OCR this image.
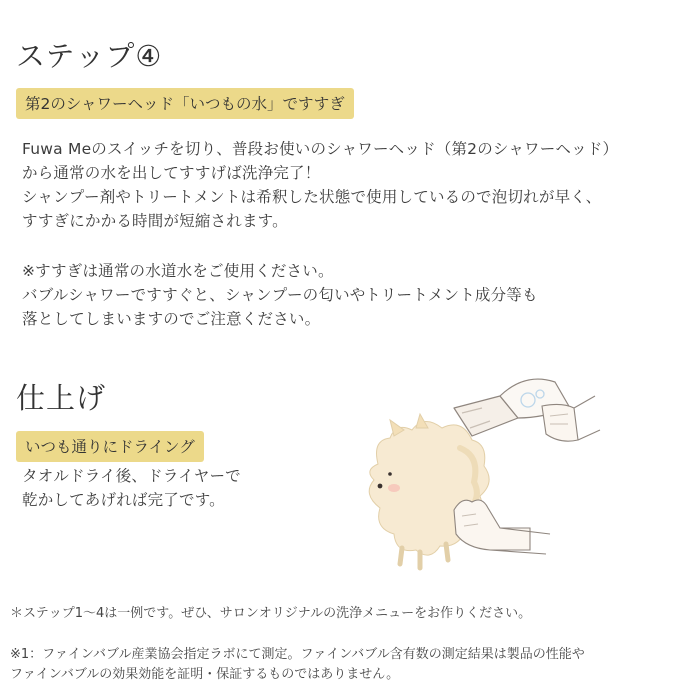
ステップ④
第2のシャワーヘッド「いつもの水」ですすぎ
Fuwa Meのスイッチを切り、普段お使いのシャワーヘッド（第2のシャワーヘッド）
から通常の水を出してすすげば洗浄完了！
シャンプー剤やトリートメントは希釈した状態で使用しているので泡切れが早く、
すすぎにかかる時間が短縮されます。
※すすぎは通常の水道水をご使用ください。
バブルシャワーですすぐと、シャンプーの匂いやトリートメント成分等も
落としてしまいますのでご注意ください。
仕上げ
いつも通りにドライング
タオルドライ後、ドライヤーで
乾かしてあげれば完了です。
＊ステップ1〜4は一例です。ぜひ、サロンオリジナルの洗浄メニューをお作りください。
※1：ファインバブル産業協会指定ラボにて測定。ファインバブル含有数の測定結果は製品の性能や
ファインバブルの効果効能を証明・保証するものではありません。
